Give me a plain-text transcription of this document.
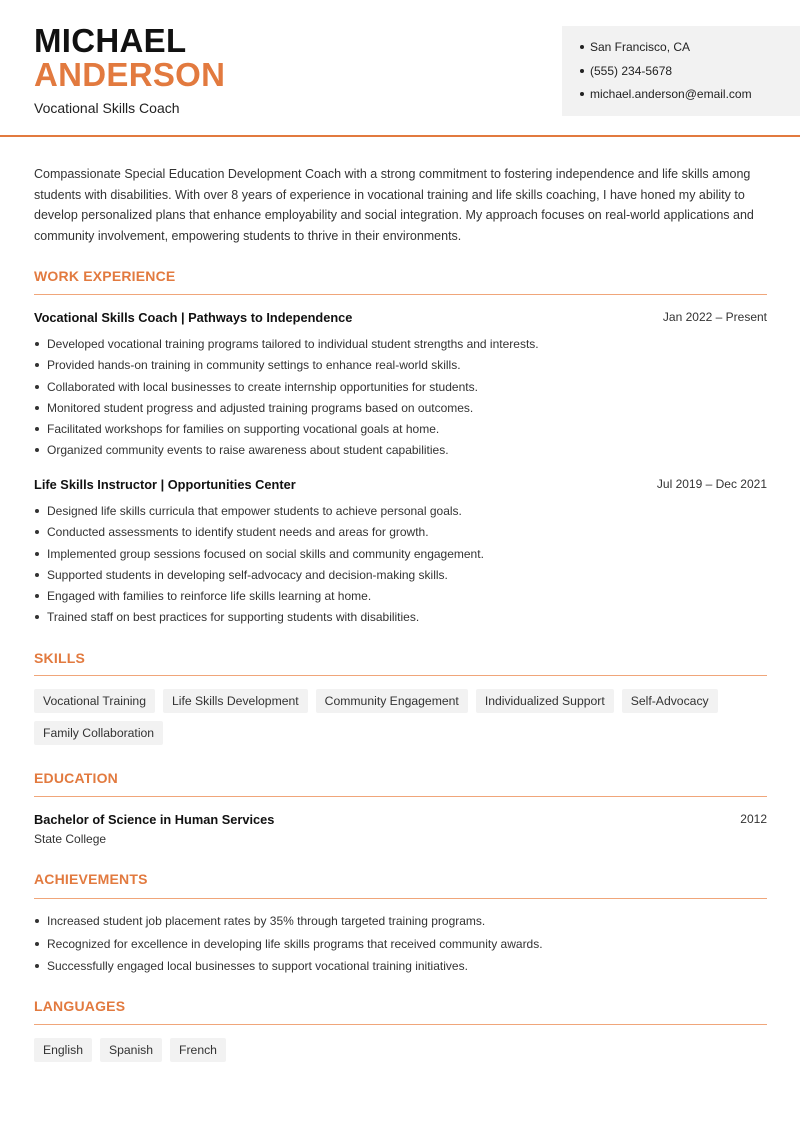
MICHAEL
ANDERSON
Vocational Skills Coach
San Francisco, CA
(555) 234-5678
michael.anderson@email.com

Compassionate Special Education Development Coach with a strong commitment to fostering independence and life skills among students with disabilities. With over 8 years of experience in vocational training and life skills coaching, I have honed my ability to develop personalized plans that enhance employability and social integration. My approach focuses on real-world applications and community involvement, empowering students to thrive in their environments.

WORK EXPERIENCE
Vocational Skills Coach | Pathways to Independence	Jan 2022 – Present
Developed vocational training programs tailored to individual student strengths and interests.
Provided hands-on training in community settings to enhance real-world skills.
Collaborated with local businesses to create internship opportunities for students.
Monitored student progress and adjusted training programs based on outcomes.
Facilitated workshops for families on supporting vocational goals at home.
Organized community events to raise awareness about student capabilities.
Life Skills Instructor | Opportunities Center	Jul 2019 – Dec 2021
Designed life skills curricula that empower students to achieve personal goals.
Conducted assessments to identify student needs and areas for growth.
Implemented group sessions focused on social skills and community engagement.
Supported students in developing self-advocacy and decision-making skills.
Engaged with families to reinforce life skills learning at home.
Trained staff on best practices for supporting students with disabilities.
SKILLS
Vocational Training	Life Skills Development	Community Engagement	Individualized Support	Self-Advocacy
Family Collaboration
EDUCATION
Bachelor of Science in Human Services	2012
State College
ACHIEVEMENTS
Increased student job placement rates by 35% through targeted training programs.
Recognized for excellence in developing life skills programs that received community awards.
Successfully engaged local businesses to support vocational training initiatives.
LANGUAGES
English	Spanish	French
